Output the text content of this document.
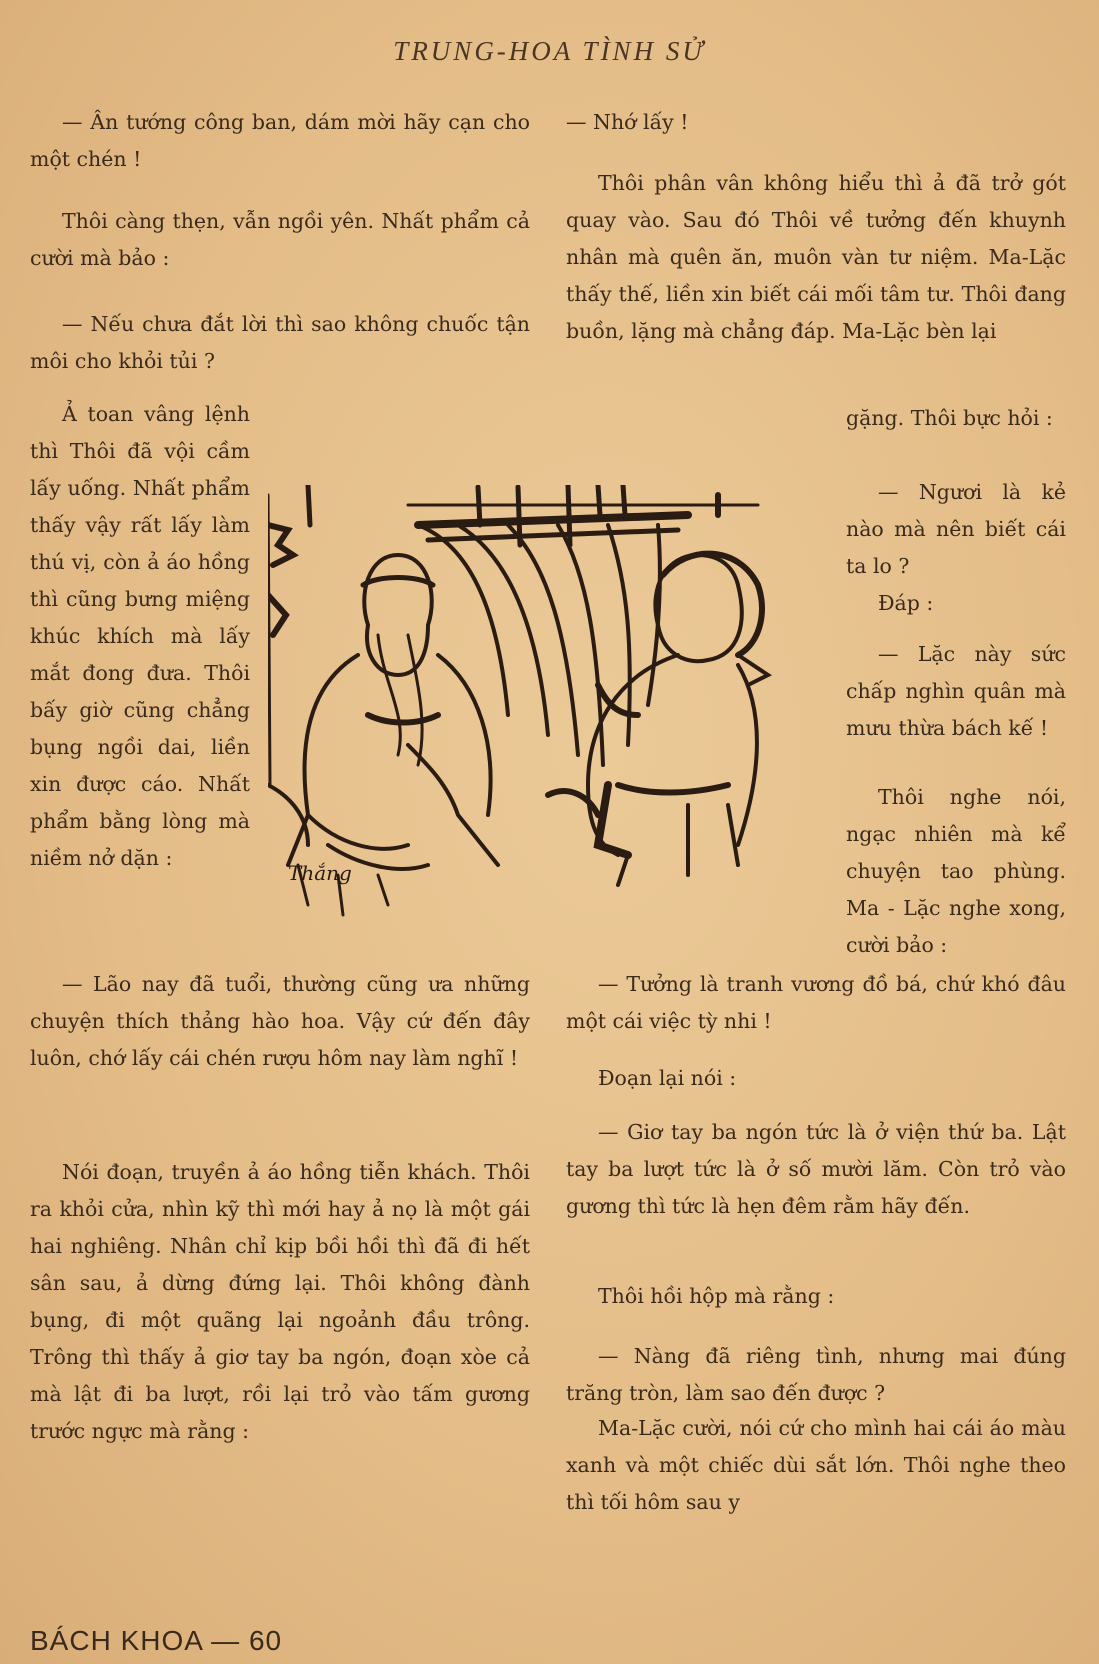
TRUNG-HOA TÌNH SỬ

— Ân tướng công ban, dám mời hãy cạn cho một chén !

Thôi càng thẹn, vẫn ngồi yên. Nhất phẩm cả cười mà bảo :

— Nếu chưa đắt lời thì sao không chuốc tận môi cho khỏi tủi ?

Ả toan vâng lệnh thì Thôi đã vội cầm lấy uống. Nhất phẩm thấy vậy rất lấy làm thú vị, còn ả áo hồng thì cũng bưng miệng khúc khích mà lấy mắt đong đưa. Thôi bấy giờ cũng chẳng bụng ngồi dai, liền xin được cáo. Nhất phẩm bằng lòng mà niềm nở dặn :

— Lão nay đã tuổi, thường cũng ưa những chuyện thích thảng hào hoa. Vậy cứ đến đây luôn, chớ lấy cái chén rượu hôm nay làm nghĩ !

Nói đoạn, truyền ả áo hồng tiễn khách. Thôi ra khỏi cửa, nhìn kỹ thì mới hay ả nọ là một gái hai nghiêng. Nhân chỉ kịp bồi hồi thì đã đi hết sân sau, ả dừng đứng lại. Thôi không đành bụng, đi một quãng lại ngoảnh đầu trông. Trông thì thấy ả giơ tay ba ngón, đoạn xòe cả mà lật đi ba lượt, rồi lại trỏ vào tấm gương trước ngực mà rằng :

— Nhớ lấy !

Thôi phân vân không hiểu thì ả đã trở gót quay vào. Sau đó Thôi về tưởng đến khuynh nhân mà quên ăn, muôn vàn tư niệm. Ma-Lặc thấy thế, liền xin biết cái mối tâm tư. Thôi đang buồn, lặng mà chẳng đáp. Ma-Lặc bèn lại

gặng. Thôi bực hỏi :

— Ngươi là kẻ nào mà nên biết cái ta lo ?

Đáp :

— Lặc này sức chấp nghìn quân mà mưu thừa bách kế !

Thôi nghe nói, ngạc nhiên mà kể chuyện tao phùng. Ma - Lặc nghe xong, cười bảo :

— Tưởng là tranh vương đồ bá, chứ khó đâu một cái việc tỳ nhi !

Đoạn lại nói :

— Giơ tay ba ngón tức là ở viện thứ ba. Lật tay ba lượt tức là ở số mười lăm. Còn trỏ vào gương thì tức là hẹn đêm rằm hãy đến.

Thôi hồi hộp mà rằng :

— Nàng đã riêng tình, nhưng mai đúng trăng tròn, làm sao đến được ?

Ma-Lặc cười, nói cứ cho mình hai cái áo màu xanh và một chiếc dùi sắt lớn. Thôi nghe theo thì tối hôm sau y

Thắng
BÁCH KHOA — 60
